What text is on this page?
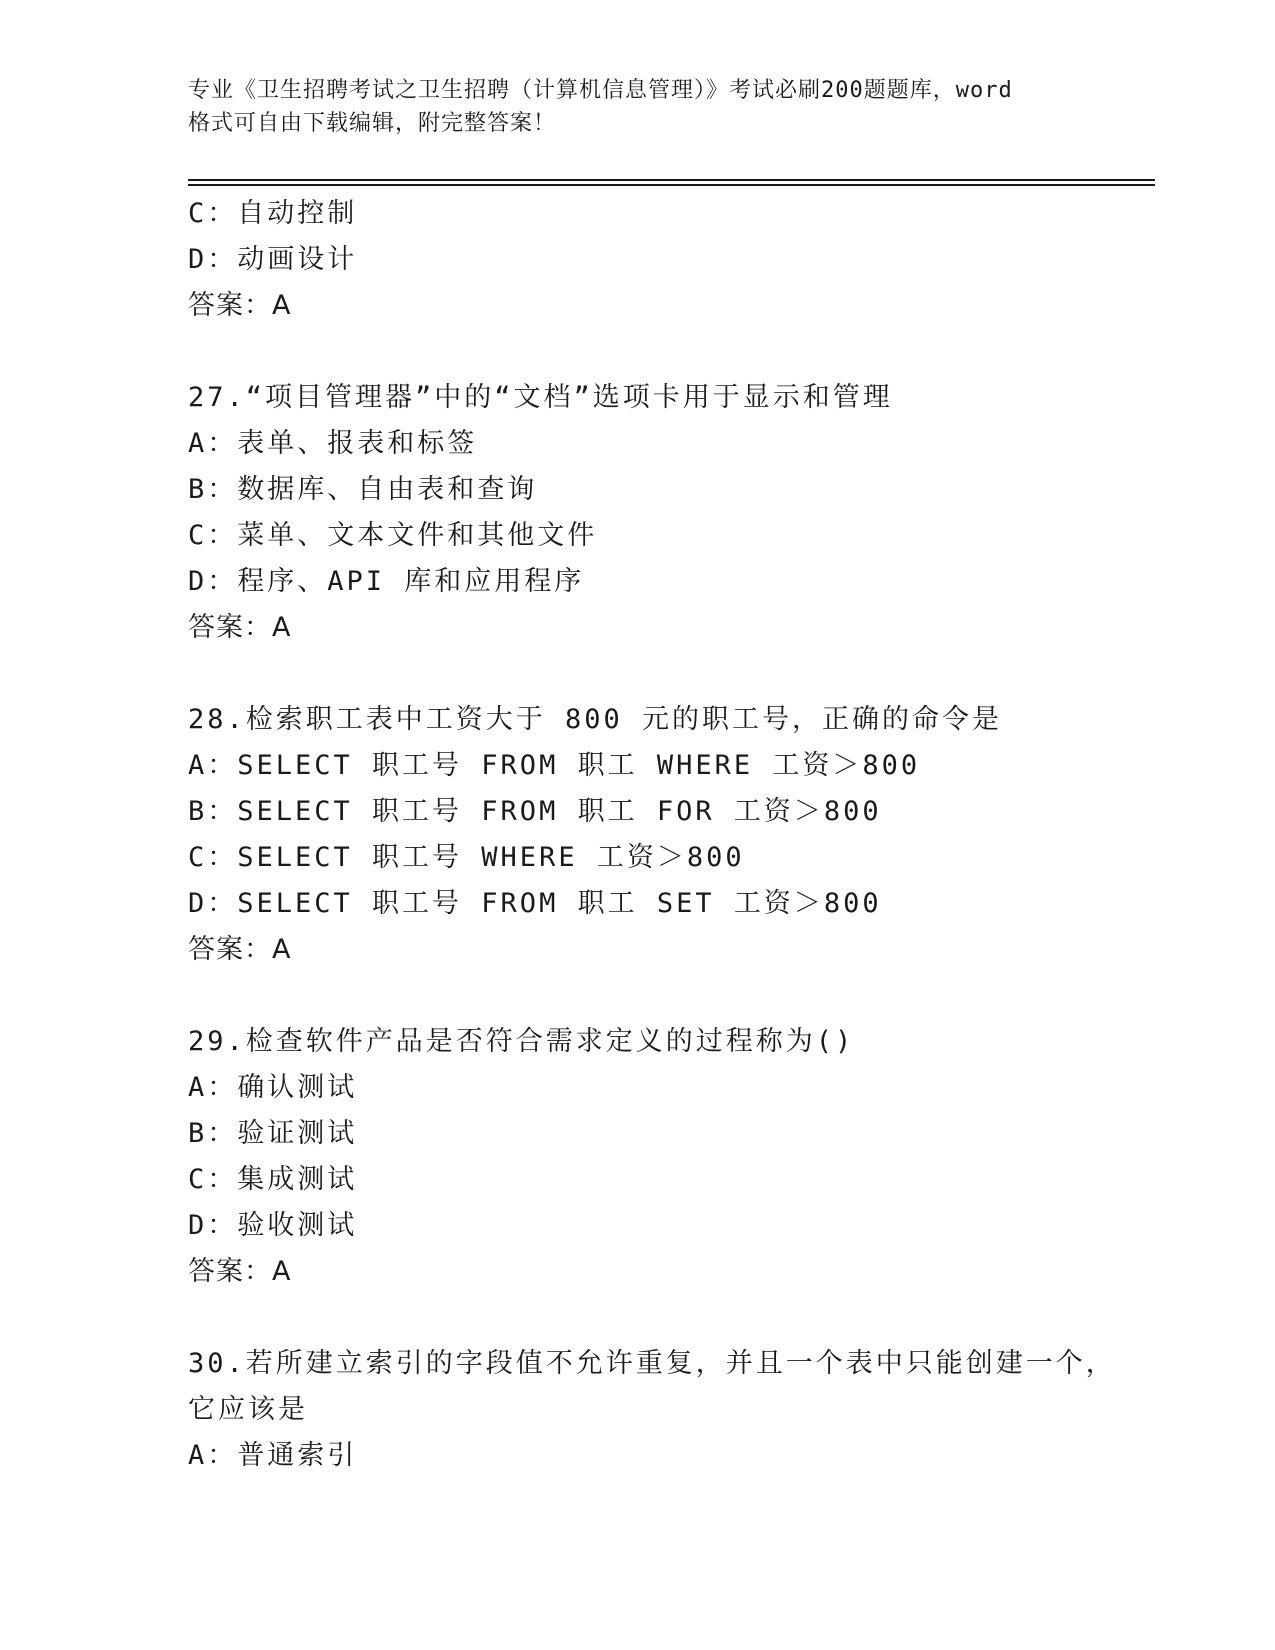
专业《卫生招聘考试之卫生招聘（计算机信息管理）》考试必刷200题题库，word
格式可自由下载编辑，附完整答案！
C：自动控制
D：动画设计
答案：A
27.“项目管理器”中的“文档”选项卡用于显示和管理
A：表单、报表和标签
B：数据库、自由表和查询
C：菜单、文本文件和其他文件
D：程序、API 库和应用程序
答案：A
28.检索职工表中工资大于 800 元的职工号，正确的命令是
A：SELECT 职工号 FROM 职工 WHERE 工资＞800
B：SELECT 职工号 FROM 职工 FOR 工资＞800
C：SELECT 职工号 WHERE 工资＞800
D：SELECT 职工号 FROM 职工 SET 工资＞800
答案：A
29.检查软件产品是否符合需求定义的过程称为()
A：确认测试
B：验证测试
C：集成测试
D：验收测试
答案：A
30.若所建立索引的字段值不允许重复，并且一个表中只能创建一个，
它应该是
A：普通索引
